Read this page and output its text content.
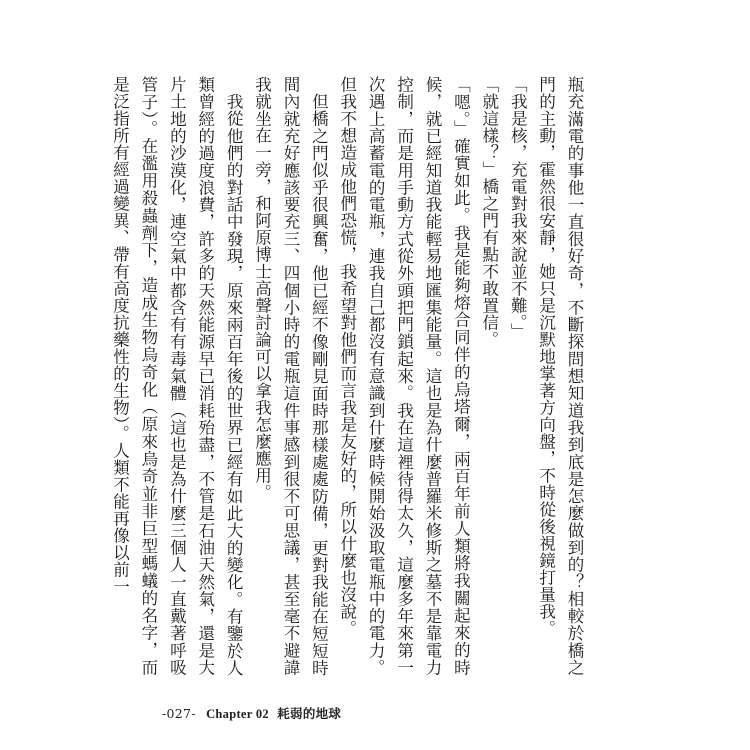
瓶充滿電的事他一直很好奇，不斷探問想知道我到底是怎麼做到的？相較於橋之門的主動，霍然很安靜，她只是沉默地掌著方向盤，不時從後視鏡打量我。

「我是核，充電對我來說並不難。」

「就這樣？」橋之門有點不敢置信。

「嗯。」確實如此。我是能夠熔合同伴的烏塔爾，兩百年前人類將我關起來的時候，就已經知道我能輕易地匯集能量。這也是為什麼普羅米修斯之墓不是靠電力控制，而是用手動方式從外頭把門鎖起來。我在這裡待得太久，這麼多年來第一次遇上高蓄電的電瓶，連我自己都沒有意識到什麼時候開始汲取電瓶中的電力。但我不想造成他們恐慌，我希望對他們而言我是友好的，所以什麼也沒說。

但橋之門似乎很興奮，他已經不像剛見面時那樣處處防備，更對我能在短短時間內就充好應該要充三、四個小時的電瓶這件事感到很不可思議，甚至毫不避諱我就坐在一旁，和阿原博士高聲討論可以拿我怎麼應用。

我從他們的對話中發現，原來兩百年後的世界已經有如此大的變化。有鑒於人類曾經的過度浪費，許多的天然能源早已消耗殆盡，不管是石油天然氣，還是大片土地的沙漠化，連空氣中都含有有毒氣體（這也是為什麼三個人一直戴著呼吸管子）。在濫用殺蟲劑下，造成生物烏奇化（原來烏奇並非巨型螞蟻的名字，而是泛指所有經過變異、帶有高度抗藥性的生物）。人類不能再像以前一

-027- Chapter 02 耗弱的地球
